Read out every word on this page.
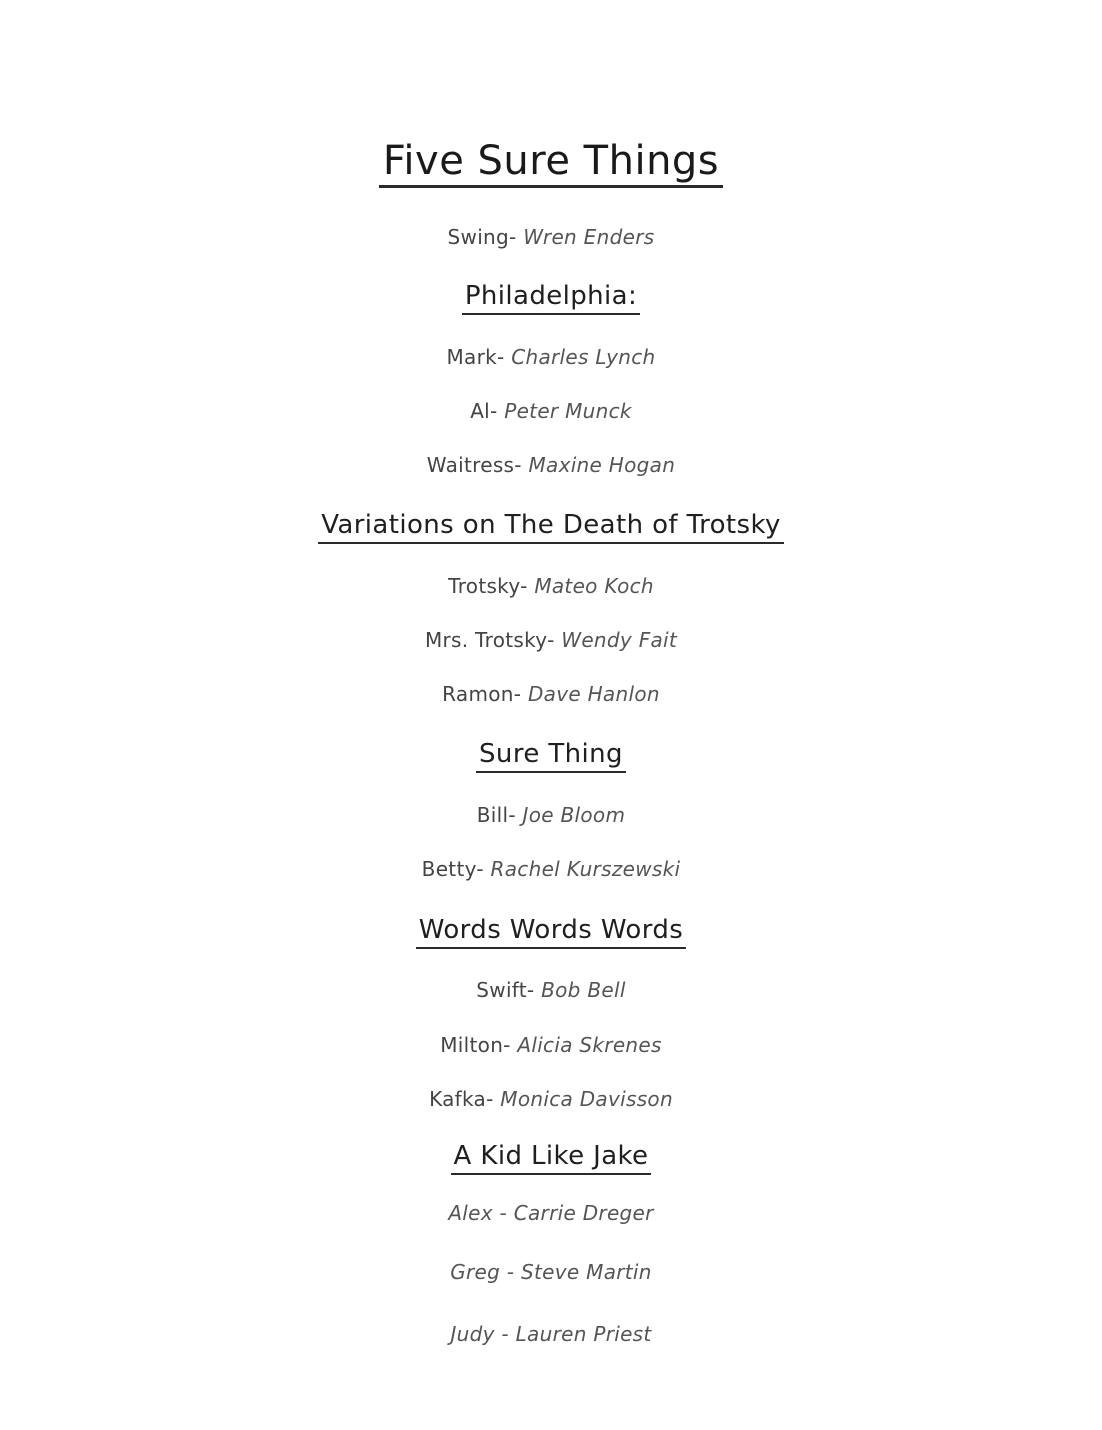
Five Sure Things
Swing- Wren Enders
Philadelphia:
Mark- Charles Lynch
Al- Peter Munck
Waitress- Maxine Hogan
Variations on The Death of Trotsky
Trotsky- Mateo Koch
Mrs. Trotsky- Wendy Fait
Ramon- Dave Hanlon
Sure Thing
Bill- Joe Bloom
Betty- Rachel Kurszewski
Words Words Words
Swift- Bob Bell
Milton- Alicia Skrenes
Kafka- Monica Davisson
A Kid Like Jake
Alex - Carrie Dreger
Greg - Steve Martin
Judy - Lauren Priest
